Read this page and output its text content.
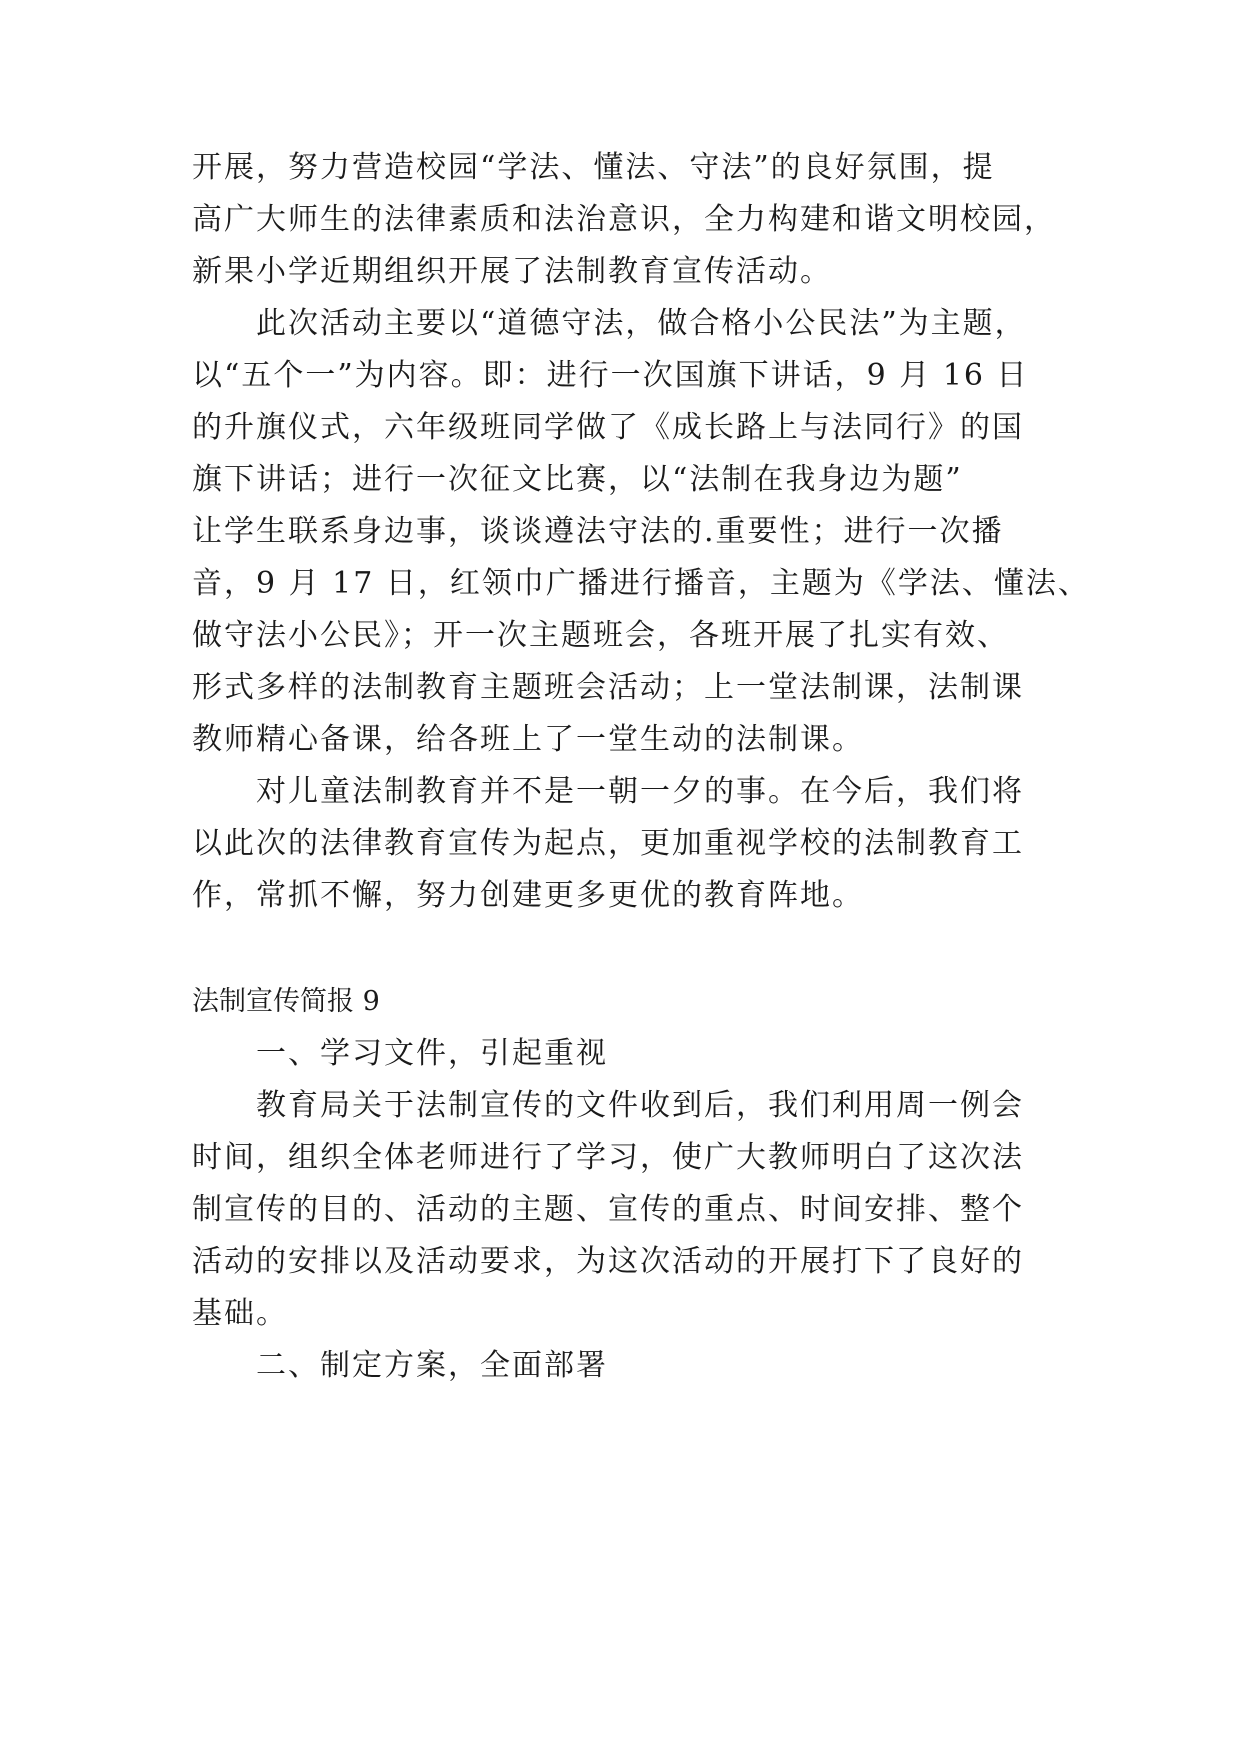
开展，努力营造校园“学法、懂法、守法”的良好氛围，提
高广大师生的法律素质和法治意识，全力构建和谐文明校园，
新果小学近期组织开展了法制教育宣传活动。
此次活动主要以“道德守法，做合格小公民法”为主题，
以“五个一”为内容。即：进行一次国旗下讲话，9 月 16 日
的升旗仪式，六年级班同学做了《成长路上与法同行》的国
旗下讲话；进行一次征文比赛，以“法制在我身边为题”
让学生联系身边事，谈谈遵法守法的.重要性；进行一次播
音，9 月 17 日，红领巾广播进行播音，主题为《学法、懂法、
做守法小公民》；开一次主题班会，各班开展了扎实有效、
形式多样的法制教育主题班会活动；上一堂法制课，法制课
教师精心备课，给各班上了一堂生动的法制课。
对儿童法制教育并不是一朝一夕的事。在今后，我们将
以此次的法律教育宣传为起点，更加重视学校的法制教育工
作，常抓不懈，努力创建更多更优的教育阵地。
法制宣传简报 9
一、学习文件，引起重视
教育局关于法制宣传的文件收到后，我们利用周一例会
时间，组织全体老师进行了学习，使广大教师明白了这次法
制宣传的目的、活动的主题、宣传的重点、时间安排、整个
活动的安排以及活动要求，为这次活动的开展打下了良好的
基础。
二、制定方案，全面部署
